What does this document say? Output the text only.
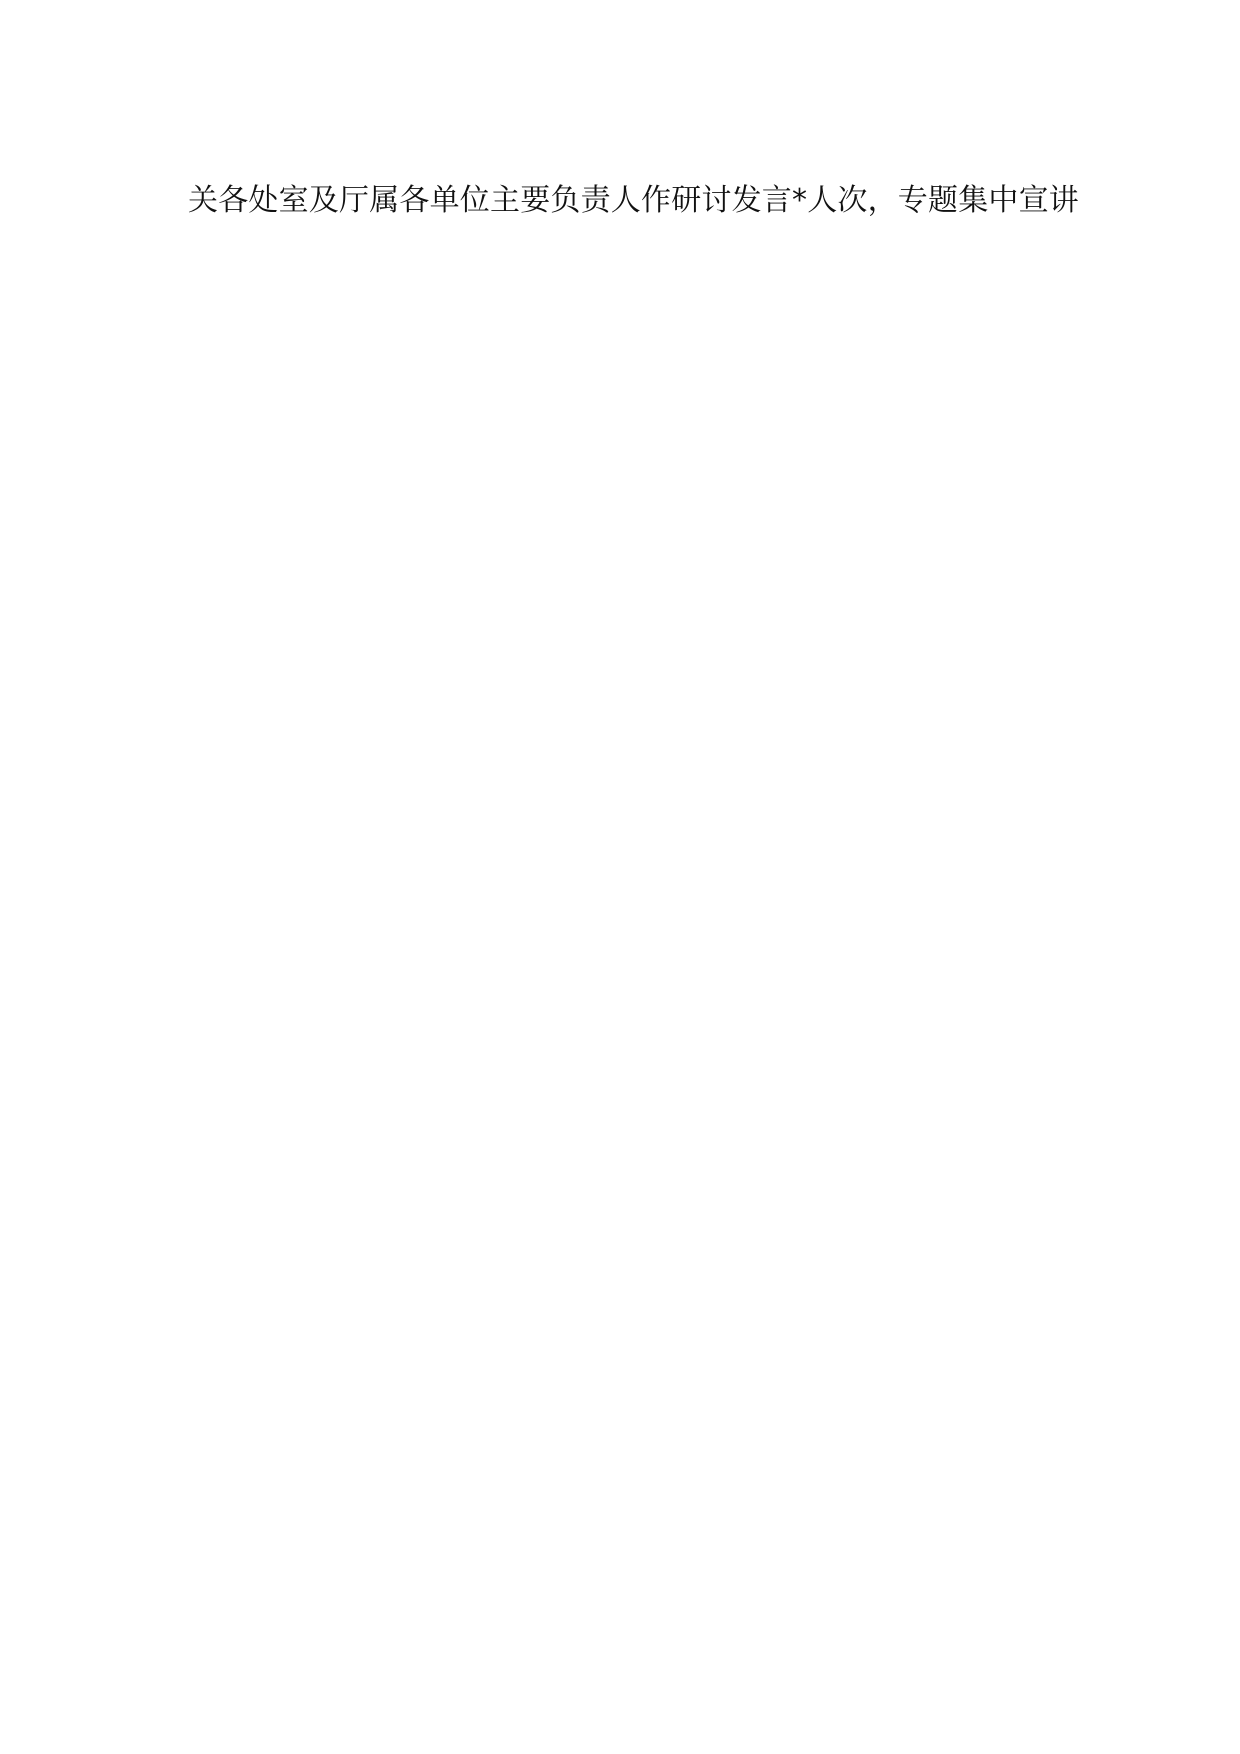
关各处室及厅属各单位主要负责人作研讨发言*人次，专题集中宣讲
